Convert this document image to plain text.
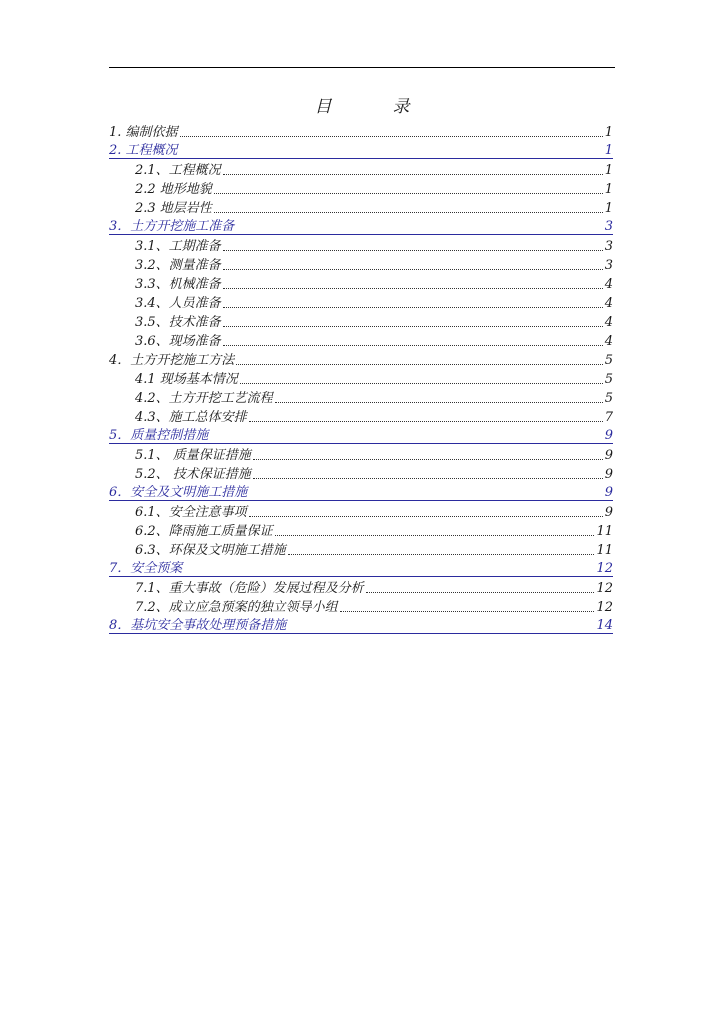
目　录
1. 编制依据	1
2. 工程概况	1
2.1、工程概况	1
2.2 地形地貌	1
2.3 地层岩性	1
3．土方开挖施工准备	3
3.1、工期准备	3
3.2、测量准备	3
3.3、机械准备	4
3.4、人员准备	4
3.5、技术准备	4
3.6、现场准备	4
4．土方开挖施工方法	5
4.1 现场基本情况	5
4.2、土方开挖工艺流程	5
4.3、施工总体安排	7
5．质量控制措施	9
5.1、 质量保证措施	9
5.2、 技术保证措施	9
6．安全及文明施工措施	9
6.1、安全注意事项	9
6.2、降雨施工质量保证	11
6.3、环保及文明施工措施	11
7．安全预案	12
7.1、重大事故（危险）发展过程及分析	12
7.2、成立应急预案的独立领导小组	12
8．基坑安全事故处理预备措施	14
